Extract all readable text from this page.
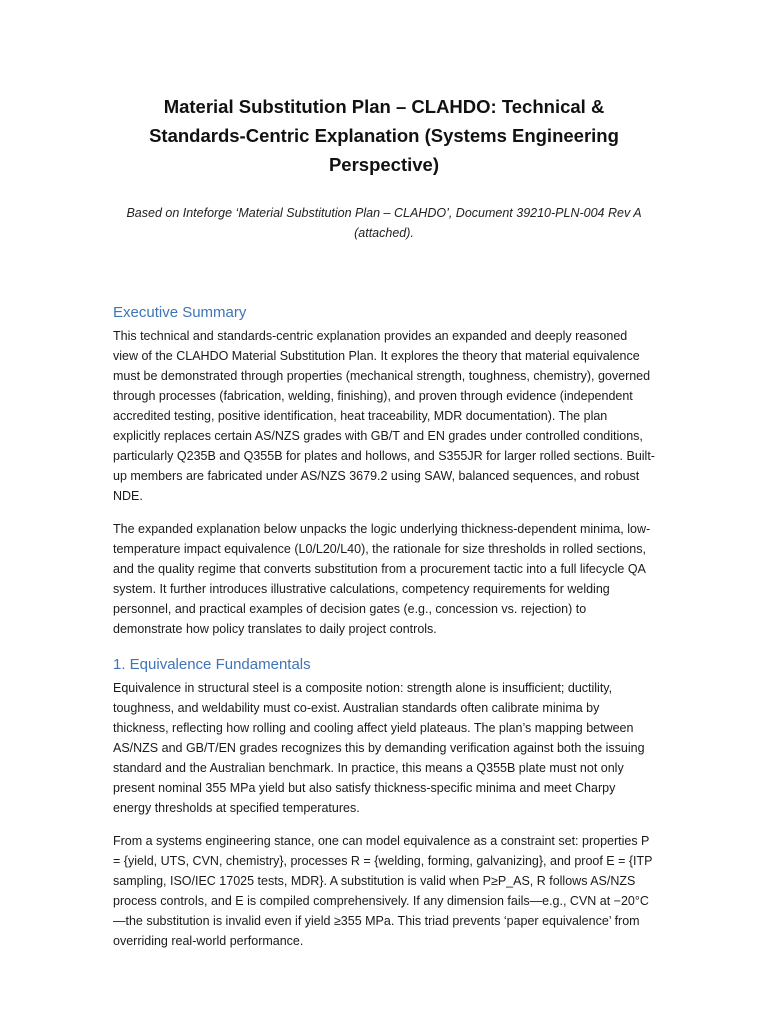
Material Substitution Plan – CLAHDO: Technical & Standards-Centric Explanation (Systems Engineering Perspective)

Based on Inteforge ‘Material Substitution Plan – CLAHDO’, Document 39210-PLN-004 Rev A (attached).

Executive Summary

This technical and standards-centric explanation provides an expanded and deeply reasoned view of the CLAHDO Material Substitution Plan. It explores the theory that material equivalence must be demonstrated through properties (mechanical strength, toughness, chemistry), governed through processes (fabrication, welding, finishing), and proven through evidence (independent accredited testing, positive identification, heat traceability, MDR documentation). The plan explicitly replaces certain AS/NZS grades with GB/T and EN grades under controlled conditions, particularly Q235B and Q355B for plates and hollows, and S355JR for larger rolled sections. Built-up members are fabricated under AS/NZS 3679.2 using SAW, balanced sequences, and robust NDE.

The expanded explanation below unpacks the logic underlying thickness-dependent minima, low-temperature impact equivalence (L0/L20/L40), the rationale for size thresholds in rolled sections, and the quality regime that converts substitution from a procurement tactic into a full lifecycle QA system. It further introduces illustrative calculations, competency requirements for welding personnel, and practical examples of decision gates (e.g., concession vs. rejection) to demonstrate how policy translates to daily project controls.

1. Equivalence Fundamentals

Equivalence in structural steel is a composite notion: strength alone is insufficient; ductility, toughness, and weldability must co-exist. Australian standards often calibrate minima by thickness, reflecting how rolling and cooling affect yield plateaus. The plan’s mapping between AS/NZS and GB/T/EN grades recognizes this by demanding verification against both the issuing standard and the Australian benchmark. In practice, this means a Q355B plate must not only present nominal 355 MPa yield but also satisfy thickness-specific minima and meet Charpy energy thresholds at specified temperatures.

From a systems engineering stance, one can model equivalence as a constraint set: properties P = {yield, UTS, CVN, chemistry}, processes R = {welding, forming, galvanizing}, and proof E = {ITP sampling, ISO/IEC 17025 tests, MDR}. A substitution is valid when P≥P_AS, R follows AS/NZS process controls, and E is compiled comprehensively. If any dimension fails—e.g., CVN at −20°C—the substitution is invalid even if yield ≥355 MPa. This triad prevents ‘paper equivalence’ from overriding real-world performance.
